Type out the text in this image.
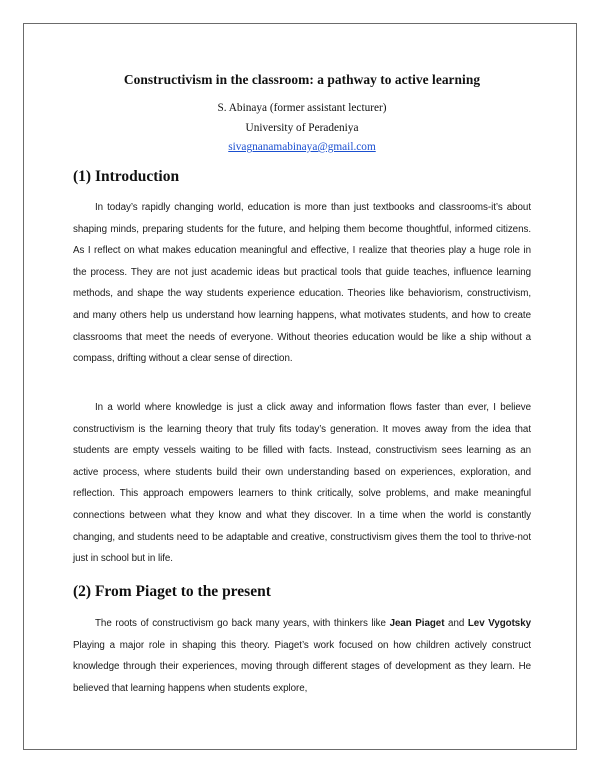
Constructivism in the classroom: a pathway to active learning

S. Abinaya (former assistant lecturer)
University of Peradeniya
sivagnanamabinaya@gmail.com

(1) Introduction

In today’s rapidly changing world, education is more than just textbooks and classrooms-it’s about shaping minds, preparing students for the future, and helping them become thoughtful, informed citizens. As I reflect on what makes education meaningful and effective, I realize that theories play a huge role in the process. They are not just academic ideas but practical tools that guide teaches, influence learning methods, and shape the way students experience education. Theories like behaviorism, constructivism, and many others help us understand how learning happens, what motivates students, and how to create classrooms that meet the needs of everyone. Without theories education would be like a ship without a compass, drifting without a clear sense of direction.

In a world where knowledge is just a click away and information flows faster than ever, I believe constructivism is the learning theory that truly fits today’s generation. It moves away from the idea that students are empty vessels waiting to be filled with facts. Instead, constructivism sees learning as an active process, where students build their own understanding based on experiences, exploration, and reflection. This approach empowers learners to think critically, solve problems, and make meaningful connections between what they know and what they discover. In a time when the world is constantly changing, and students need to be adaptable and creative, constructivism gives them the tool to thrive-not just in school but in life.

(2) From Piaget to the present

The roots of constructivism go back many years, with thinkers like Jean Piaget and Lev Vygotsky Playing a major role in shaping this theory. Piaget’s work focused on how children actively construct knowledge through their experiences, moving through different stages of development as they learn. He believed that learning happens when students explore,
